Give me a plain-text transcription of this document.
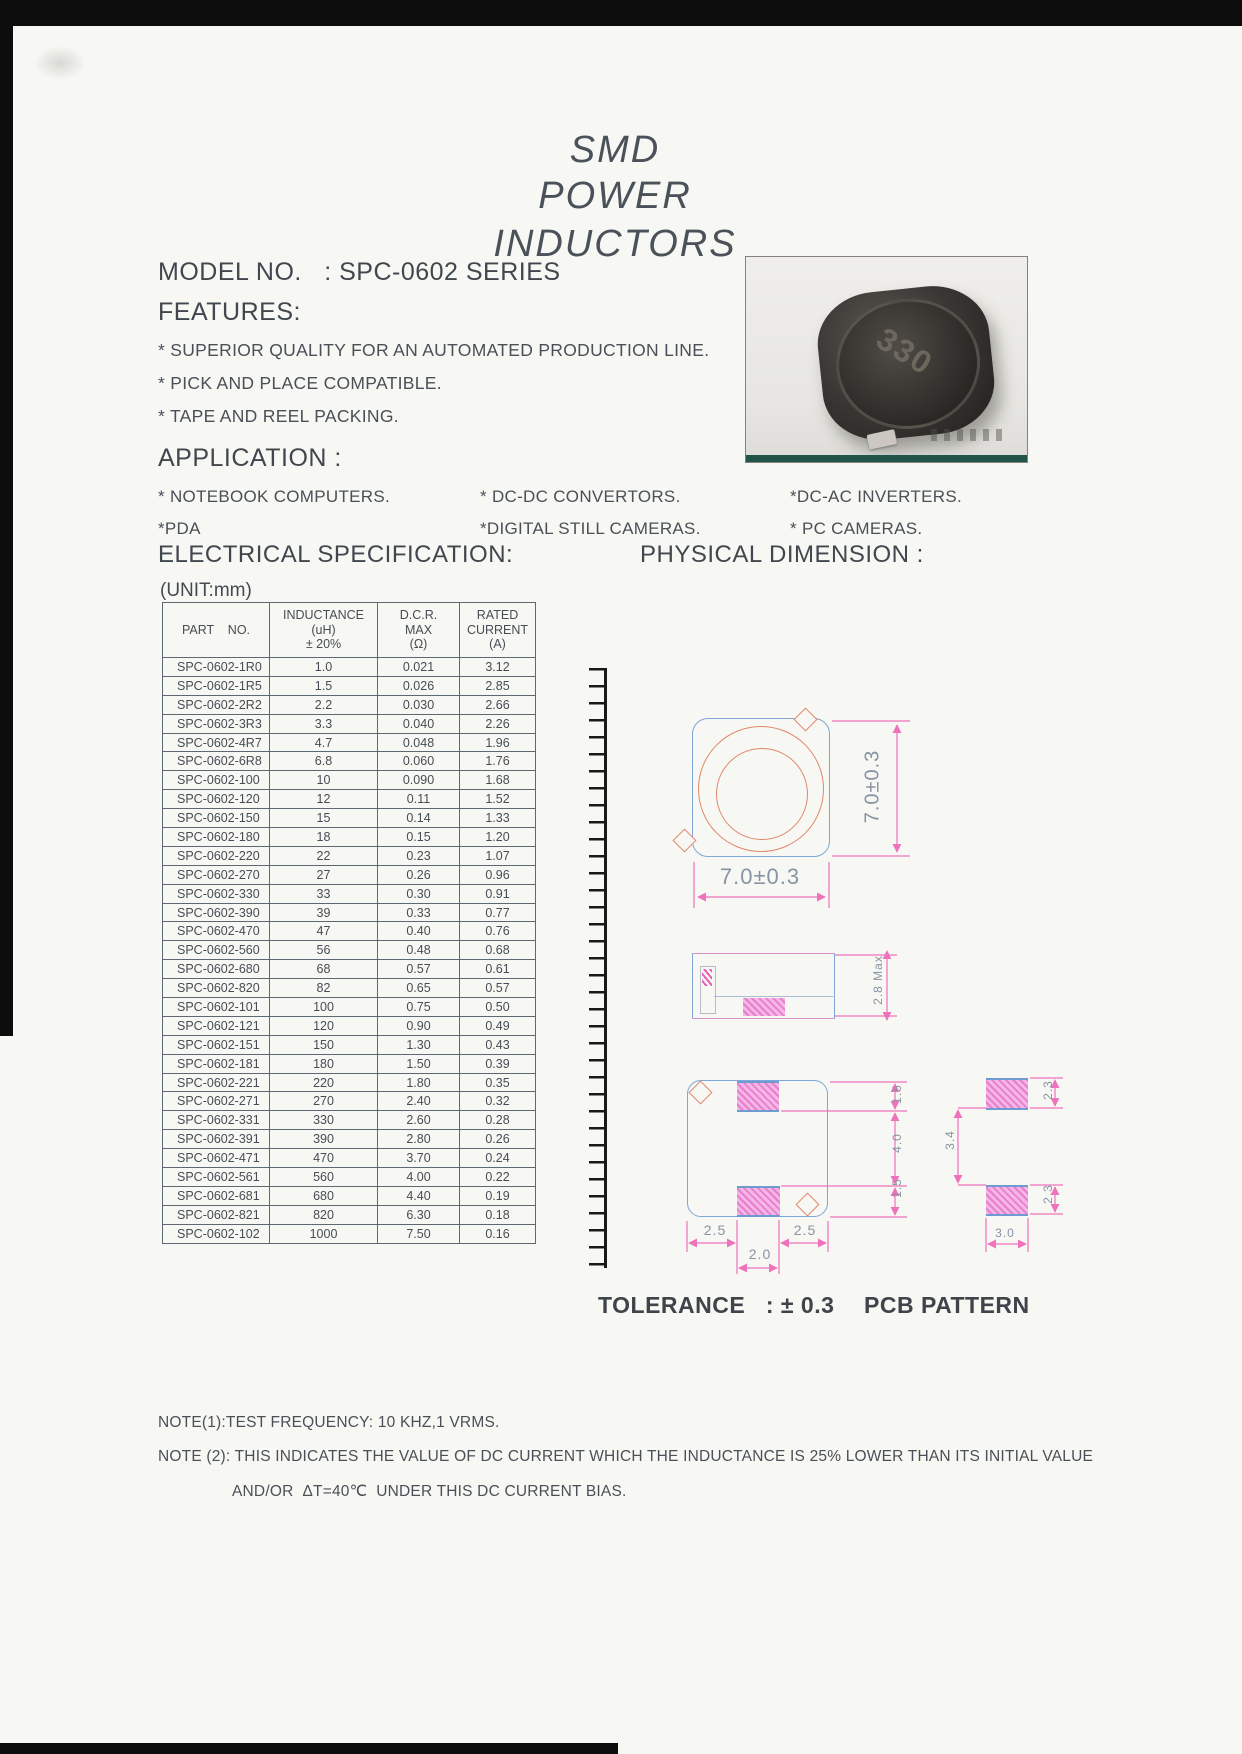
SMD
POWER INDUCTORS
MODEL NO.   : SPC-0602 SERIES
FEATURES:
* SUPERIOR QUALITY FOR AN AUTOMATED PRODUCTION LINE.
* PICK AND PLACE COMPATIBLE.
* TAPE AND REEL PACKING.
330
APPLICATION :
* NOTEBOOK COMPUTERS.	* DC-DC CONVERTORS.	*DC-AC INVERTERS.
*PDA	*DIGITAL STILL CAMERAS.	* PC CAMERAS.
ELECTRICAL SPECIFICATION:	PHYSICAL DIMENSION :
(UNIT:mm)
PART    NO.

INDUCTANCE
(uH)
± 20%

D.C.R.
MAX
(Ω)

RATED
CURRENT
(A)

SPC-0602-1R0	1.0	0.021	3.12
SPC-0602-1R5	1.5	0.026	2.85
SPC-0602-2R2	2.2	0.030	2.66
SPC-0602-3R3	3.3	0.040	2.26
SPC-0602-4R7	4.7	0.048	1.96
SPC-0602-6R8	6.8	0.060	1.76
SPC-0602-100	10	0.090	1.68
SPC-0602-120	12	0.11	1.52
SPC-0602-150	15	0.14	1.33
SPC-0602-180	18	0.15	1.20
SPC-0602-220	22	0.23	1.07
SPC-0602-270	27	0.26	0.96
SPC-0602-330	33	0.30	0.91
SPC-0602-390	39	0.33	0.77
SPC-0602-470	47	0.40	0.76
SPC-0602-560	56	0.48	0.68
SPC-0602-680	68	0.57	0.61
SPC-0602-820	82	0.65	0.57
SPC-0602-101	100	0.75	0.50
SPC-0602-121	120	0.90	0.49
SPC-0602-151	150	1.30	0.43
SPC-0602-181	180	1.50	0.39
SPC-0602-221	220	1.80	0.35
SPC-0602-271	270	2.40	0.32
SPC-0602-331	330	2.60	0.28
SPC-0602-391	390	2.80	0.26
SPC-0602-471	470	3.70	0.24
SPC-0602-561	560	4.00	0.22
SPC-0602-681	680	4.40	0.19
SPC-0602-821	820	6.30	0.18
SPC-0602-102	1000	7.50	0.16
7.0±0.3
7.0±0.3
2.8 Max
1.5
4.0
1.5
2.5	2.5
2.0
3.4
2.3
2.3
3.0
TOLERANCE   : ± 0.3 PCB PATTERN
NOTE(1):TEST FREQUENCY: 10 KHZ,1 VRMS.
NOTE (2): THIS INDICATES THE VALUE OF DC CURRENT WHICH THE INDUCTANCE IS 25% LOWER THAN ITS INITIAL VALUE
AND/OR  ΔT=40℃  UNDER THIS DC CURRENT BIAS.
